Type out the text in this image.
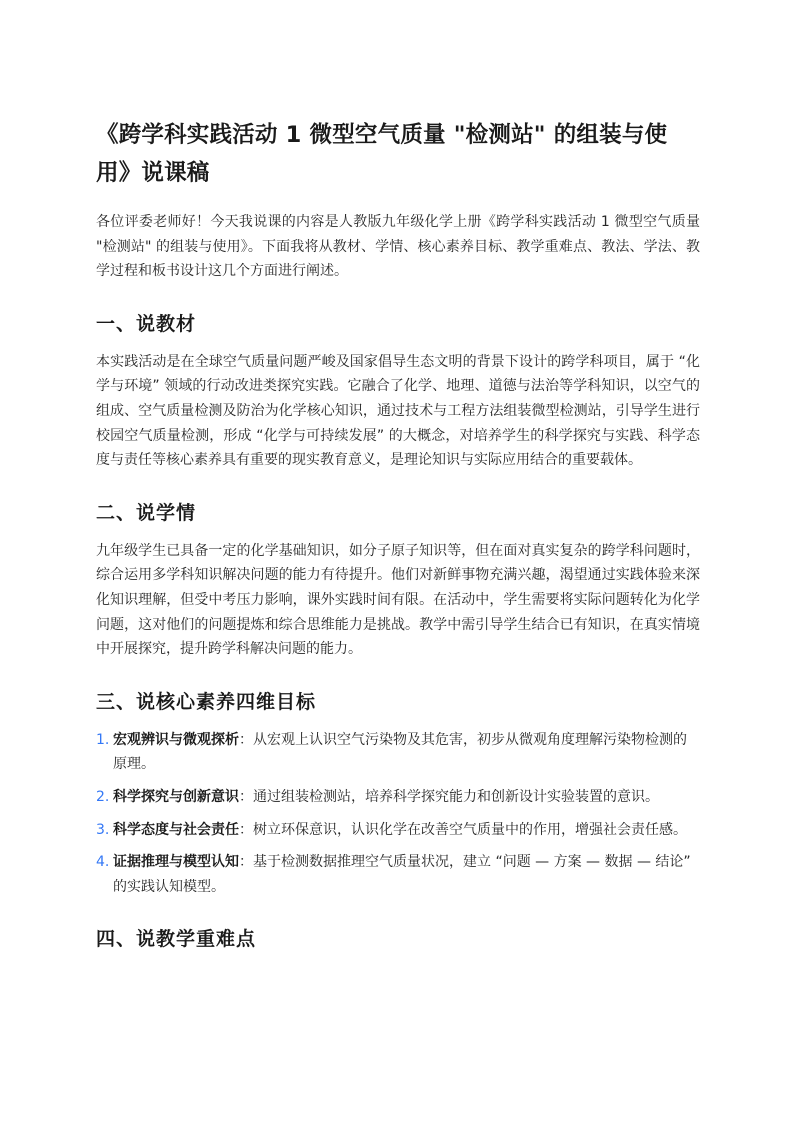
《跨学科实践活动 1 微型空气质量 "检测站" 的组装与使用》说课稿

各位评委老师好！今天我说课的内容是人教版九年级化学上册《跨学科实践活动 1 微型空气质量 "检测站" 的组装与使用》。下面我将从教材、学情、核心素养目标、教学重难点、教法、学法、教学过程和板书设计这几个方面进行阐述。

一、说教材

本实践活动是在全球空气质量问题严峻及国家倡导生态文明的背景下设计的跨学科项目，属于 “化学与环境” 领域的行动改进类探究实践。它融合了化学、地理、道德与法治等学科知识，以空气的组成、空气质量检测及防治为化学核心知识，通过技术与工程方法组装微型检测站，引导学生进行校园空气质量检测，形成 “化学与可持续发展” 的大概念，对培养学生的科学探究与实践、科学态度与责任等核心素养具有重要的现实教育意义，是理论知识与实际应用结合的重要载体。

二、说学情

九年级学生已具备一定的化学基础知识，如分子原子知识等，但在面对真实复杂的跨学科问题时，综合运用多学科知识解决问题的能力有待提升。他们对新鲜事物充满兴趣，渴望通过实践体验来深化知识理解，但受中考压力影响，课外实践时间有限。在活动中，学生需要将实际问题转化为化学问题，这对他们的问题提炼和综合思维能力是挑战。教学中需引导学生结合已有知识，在真实情境中开展探究，提升跨学科解决问题的能力。

三、说核心素养四维目标
1. 宏观辨识与微观探析：从宏观上认识空气污染物及其危害，初步从微观角度理解污染物检测的原理。
2. 科学探究与创新意识：通过组装检测站，培养科学探究能力和创新设计实验装置的意识。
3. 科学态度与社会责任：树立环保意识，认识化学在改善空气质量中的作用，增强社会责任感。
4. 证据推理与模型认知：基于检测数据推理空气质量状况，建立 “问题 — 方案 — 数据 — 结论” 的实践认知模型。
四、说教学重难点
